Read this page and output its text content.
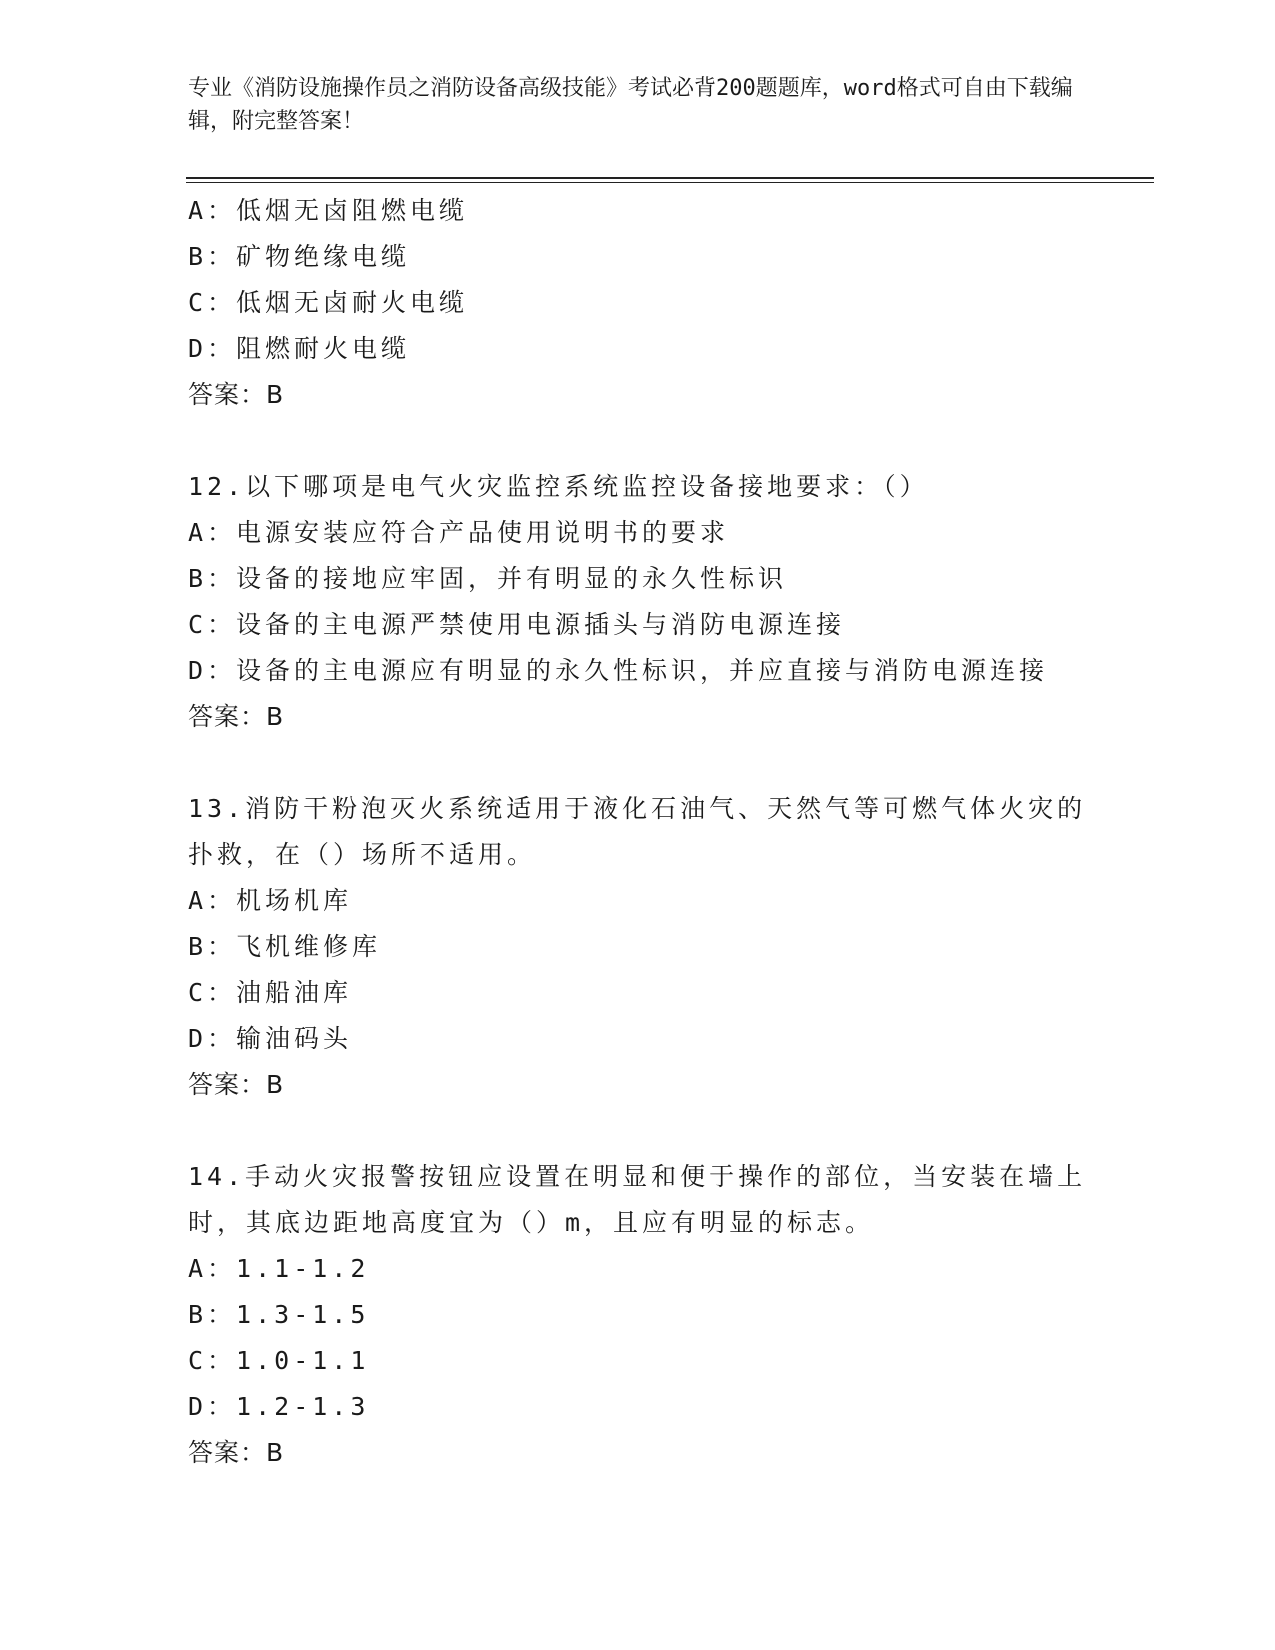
专业《消防设施操作员之消防设备高级技能》考试必背200题题库，word格式可自由下载编辑，附完整答案！
A：低烟无卤阻燃电缆
B：矿物绝缘电缆
C：低烟无卤耐火电缆
D：阻燃耐火电缆
答案：B
12.以下哪项是电气火灾监控系统监控设备接地要求：（）
A：电源安装应符合产品使用说明书的要求
B：设备的接地应牢固，并有明显的永久性标识
C：设备的主电源严禁使用电源插头与消防电源连接
D：设备的主电源应有明显的永久性标识，并应直接与消防电源连接
答案：B
13.消防干粉泡灭火系统适用于液化石油气、天然气等可燃气体火灾的扑救，在（）场所不适用。
A：机场机库
B：飞机维修库
C：油船油库
D：输油码头
答案：B
14.手动火灾报警按钮应设置在明显和便于操作的部位，当安装在墙上时，其底边距地高度宜为（）m，且应有明显的标志。
A：1.1-1.2
B：1.3-1.5
C：1.0-1.1
D：1.2-1.3
答案：B
